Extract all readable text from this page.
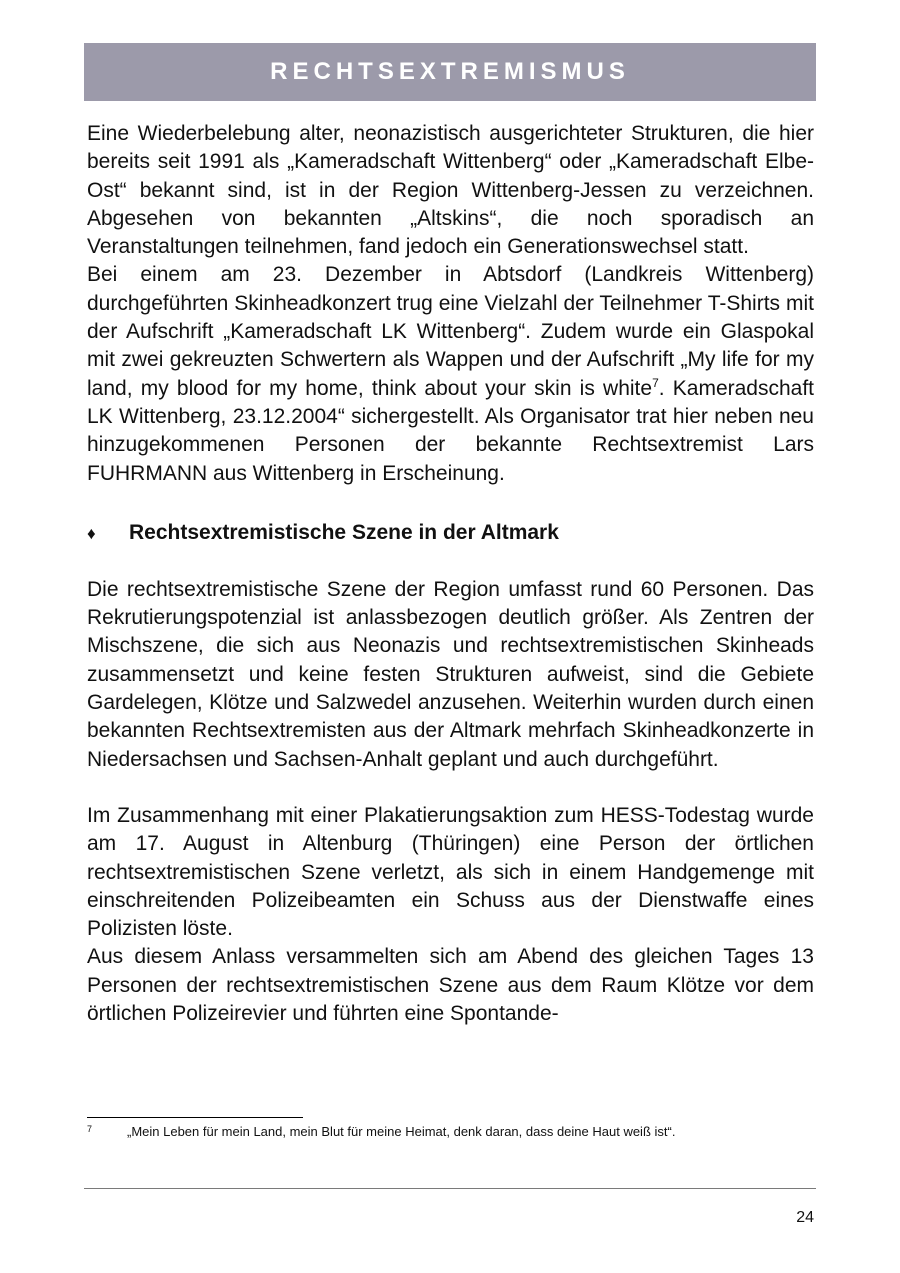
RECHTSEXTREMISMUS

Eine Wiederbelebung alter, neonazistisch ausgerichteter Strukturen, die hier bereits seit 1991 als „Kameradschaft Wittenberg“ oder „Kameradschaft Elbe-Ost“ bekannt sind, ist in der Region Wittenberg-Jessen zu verzeichnen. Abgesehen von bekannten „Altskins“, die noch sporadisch an Veranstaltungen teilnehmen, fand jedoch ein Generationswechsel statt.

Bei einem am 23. Dezember in Abtsdorf (Landkreis Wittenberg) durchgeführten Skinheadkonzert trug eine Vielzahl der Teilnehmer T-Shirts mit der Aufschrift „Kameradschaft LK Wittenberg“. Zudem wurde ein Glaspokal mit zwei gekreuzten Schwertern als Wappen und der Aufschrift „My life for my land, my blood for my home, think about your skin is white$^7$. Kameradschaft LK Wittenberg, 23.12.2004“ sichergestellt. Als Organisator trat hier neben neu hinzugekommenen Personen der bekannte Rechtsextremist Lars FUHRMANN aus Wittenberg in Erscheinung.

♦	Rechtsextremistische Szene in der Altmark

Die rechtsextremistische Szene der Region umfasst rund 60 Personen. Das Rekrutierungspotenzial ist anlassbezogen deutlich größer. Als Zentren der Mischszene, die sich aus Neonazis und rechtsextremistischen Skinheads zusammensetzt und keine festen Strukturen aufweist, sind die Gebiete Gardelegen, Klötze und Salzwedel anzusehen. Weiterhin wurden durch einen bekannten Rechtsextremisten aus der Altmark mehrfach Skinheadkonzerte in Niedersachsen und Sachsen-Anhalt geplant und auch durchgeführt.

Im Zusammenhang mit einer Plakatierungsaktion zum HESS-Todestag wurde am 17. August in Altenburg (Thüringen) eine Person der örtlichen rechtsextremistischen Szene verletzt, als sich in einem Handgemenge mit einschreitenden Polizeibeamten ein Schuss aus der Dienstwaffe eines Polizisten löste.

Aus diesem Anlass versammelten sich am Abend des gleichen Tages 13 Personen der rechtsextremistischen Szene aus dem Raum Klötze vor dem örtlichen Polizeirevier und führten eine Spontande-

7	„Mein Leben für mein Land, mein Blut für meine Heimat, denk daran, dass deine Haut weiß ist“.
24
